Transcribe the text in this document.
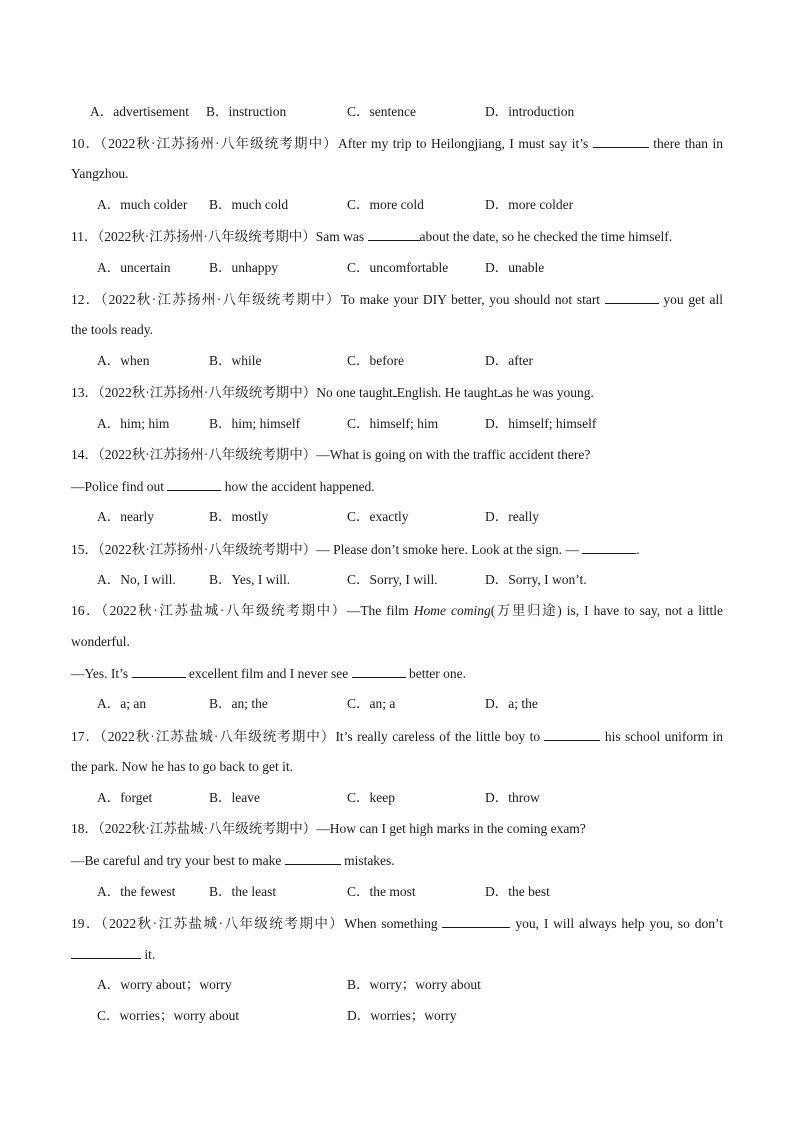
A．advertisement B．instruction	C．sentence	D．introduction
10．（2022秋·江苏扬州·八年级统考期中）After my trip to Heilongjiang, I must say it’s	there than in
Yangzhou.
A．much colder B．much cold	C．more cold	D．more colder
11．（2022秋·江苏扬州·八年级统考期中）Sam was	about the date, so he checked the time himself.
A．uncertain	B．unhappy	C．uncomfortable	D．unable
12．（2022秋·江苏扬州·八年级统考期中）To make your DIY better, you should not start	you get all
the tools ready.
A．when	B．while	C．before	D．after
13．（2022秋·江苏扬州·八年级统考期中）No one taught English. He taught as he was young.
A．him; him	B．him; himself	C．himself; him	D．himself; himself
14．（2022秋·江苏扬州·八年级统考期中）—What is going on with the traffic accident there?
—Police find out	how the accident happened.
A．nearly	B．mostly	C．exactly	D．really
15．（2022秋·江苏扬州·八年级统考期中）— Please don’t smoke here. Look at the sign. —	.
A．No, I will. B．Yes, I will.	C．Sorry, I will.	D．Sorry, I won’t.
16．（2022秋·江苏盐城·八年级统考期中）—The film Home coming(万里归途) is, I have to say, not a little
wonderful.
—Yes. It’s	excellent film and I never see	better one.
A．a; an	B．an; the	C．an; a	D．a; the
17．（2022秋·江苏盐城·八年级统考期中）It’s really careless of the little boy to	his school uniform in
the park. Now he has to go back to get it.
A．forget	B．leave	C．keep	D．throw
18．（2022秋·江苏盐城·八年级统考期中）—How can I get high marks in the coming exam?
—Be careful and try your best to make	mistakes.
A．the fewest B．the least	C．the most	D．the best
19．（2022秋·江苏盐城·八年级统考期中）When something	you, I will always help you, so don’t
it.
A．worry about；worry	B．worry；worry about
C．worries；worry about	D．worries；worry
